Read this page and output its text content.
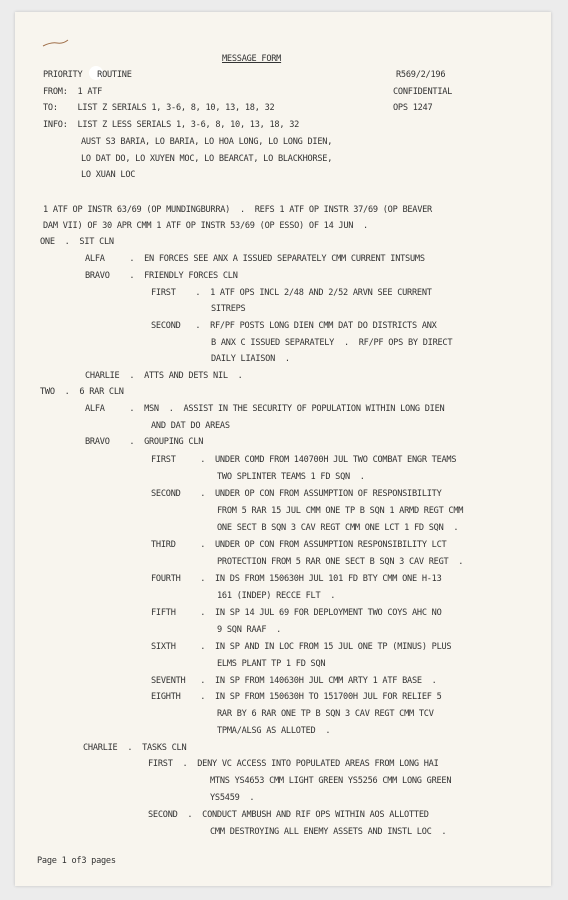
MESSAGE FORM
PRIORITY   ROUTINE	R569/2/196
FROM:  1 ATF	CONFIDENTIAL
TO:    LIST Z SERIALS 1, 3-6, 8, 10, 13, 18, 32	OPS 1247
INFO:  LIST Z LESS SERIALS 1, 3-6, 8, 10, 13, 18, 32
AUST S3 BARIA, LO BARIA, LO HOA LONG, LO LONG DIEN,
LO DAT DO, LO XUYEN MOC, LO BEARCAT, LO BLACKHORSE,
LO XUAN LOC
1 ATF OP INSTR 63/69 (OP MUNDINGBURRA)  .  REFS 1 ATF OP INSTR 37/69 (OP BEAVER
DAM VII) OF 30 APR CMM 1 ATF OP INSTR 53/69 (OP ESSO) OF 14 JUN  .
ONE  .  SIT CLN
ALFA     .  EN FORCES SEE ANX A ISSUED SEPARATELY CMM CURRENT INTSUMS
BRAVO    .  FRIENDLY FORCES CLN
FIRST    .  1 ATF OPS INCL 2/48 AND 2/52 ARVN SEE CURRENT
SITREPS
SECOND   .  RF/PF POSTS LONG DIEN CMM DAT DO DISTRICTS ANX
B ANX C ISSUED SEPARATELY  .  RF/PF OPS BY DIRECT
DAILY LIAISON  .
CHARLIE  .  ATTS AND DETS NIL  .
TWO  .  6 RAR CLN
ALFA     .  MSN  .  ASSIST IN THE SECURITY OF POPULATION WITHIN LONG DIEN
AND DAT DO AREAS
BRAVO    .  GROUPING CLN
FIRST     .  UNDER COMD FROM 140700H JUL TWO COMBAT ENGR TEAMS
TWO SPLINTER TEAMS 1 FD SQN  .
SECOND    .  UNDER OP CON FROM ASSUMPTION OF RESPONSIBILITY
FROM 5 RAR 15 JUL CMM ONE TP B SQN 1 ARMD REGT CMM
ONE SECT B SQN 3 CAV REGT CMM ONE LCT 1 FD SQN  .
THIRD     .  UNDER OP CON FROM ASSUMPTION RESPONSIBILITY LCT
PROTECTION FROM 5 RAR ONE SECT B SQN 3 CAV REGT  .
FOURTH    .  IN DS FROM 150630H JUL 101 FD BTY CMM ONE H-13
161 (INDEP) RECCE FLT  .
FIFTH     .  IN SP 14 JUL 69 FOR DEPLOYMENT TWO COYS AHC NO
9 SQN RAAF  .
SIXTH     .  IN SP AND IN LOC FROM 15 JUL ONE TP (MINUS) PLUS
ELMS PLANT TP 1 FD SQN
SEVENTH   .  IN SP FROM 140630H JUL CMM ARTY 1 ATF BASE  .
EIGHTH    .  IN SP FROM 150630H TO 151700H JUL FOR RELIEF 5
RAR BY 6 RAR ONE TP B SQN 3 CAV REGT CMM TCV
TPMA/ALSG AS ALLOTED  .
CHARLIE  .  TASKS CLN
FIRST  .  DENY VC ACCESS INTO POPULATED AREAS FROM LONG HAI
MTNS YS4653 CMM LIGHT GREEN YS5256 CMM LONG GREEN
YS5459  .
SECOND  .  CONDUCT AMBUSH AND RIF OPS WITHIN AOS ALLOTTED
CMM DESTROYING ALL ENEMY ASSETS AND INSTL LOC  .
Page 1 of3 pages
